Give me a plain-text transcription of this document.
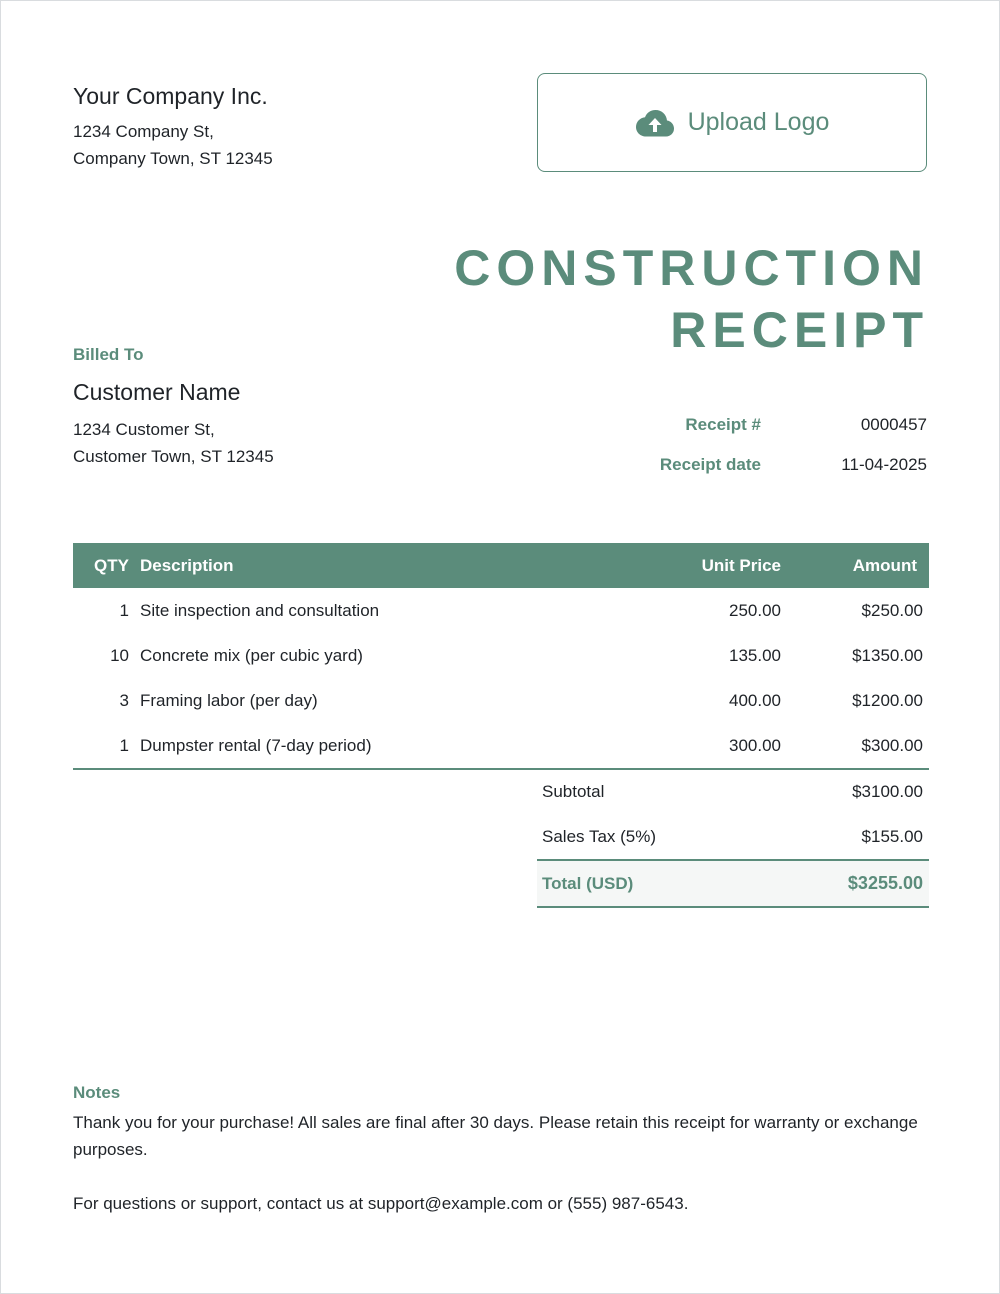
Your Company Inc.
1234 Company St,
Company Town, ST 12345
Upload Logo
CONSTRUCTION
RECEIPT
Billed To
Customer Name
1234 Customer St,
Customer Town, ST 12345
Receipt #	0000457
Receipt date	11-04-2025
QTY	Description	Unit Price	Amount
1	Site inspection and consultation	250.00	$250.00
10	Concrete mix (per cubic yard)	135.00	$1350.00
3	Framing labor (per day)	400.00	$1200.00
1	Dumpster rental (7-day period)	300.00	$300.00
Subtotal	$3100.00
Sales Tax (5%)	$155.00
Total (USD)	$3255.00
Notes
Thank you for your purchase! All sales are final after 30 days. Please retain this receipt for warranty or exchange purposes.
For questions or support, contact us at support@example.com or (555) 987-6543.
